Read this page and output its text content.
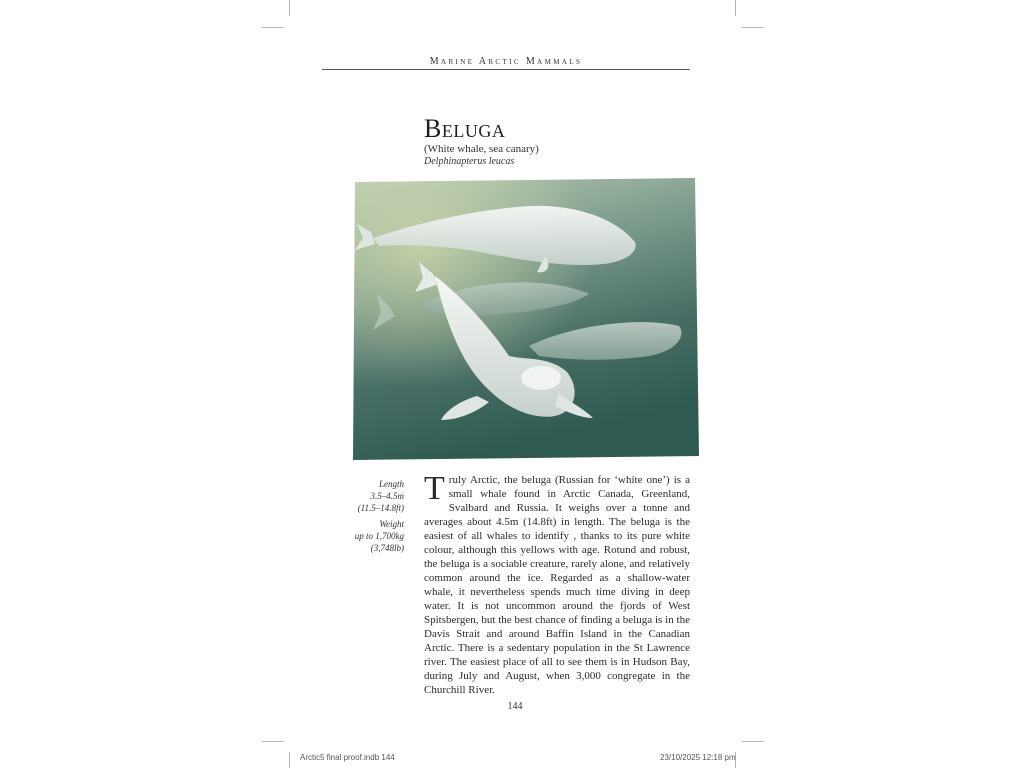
Marine Arctic Mammals
Beluga
(White whale, sea canary)
Delphinapterus leucas
Length
3.5–4.5m
(11.5–14.8ft)
Weight
up to 1,700kg
(3,748lb)
Truly Arctic, the beluga (Russian for ‘white one’) is a small whale found in Arctic Canada, Greenland, Svalbard and Russia. It weighs over a tonne and averages about 4.5m (14.8ft) in length. The beluga is the easiest of all whales to identify , thanks to its pure white colour, although this yellows with age. Rotund and robust, the beluga is a sociable creature, rarely alone, and relatively common around the ice. Regarded as a shallow-water whale, it nevertheless spends much time diving in deep water. It is not uncommon around the fjords of West Spitsbergen, but the best chance of finding a beluga is in the Davis Strait and around Baffin Island in the Canadian Arctic. There is a sedentary population in the St Lawrence river. The easiest place of all to see them is in Hudson Bay, during July and August, when 3,000 congregate in the Churchill River.
144
Arctic5 final proof.indb 144	23/10/2025 12:18 pm
